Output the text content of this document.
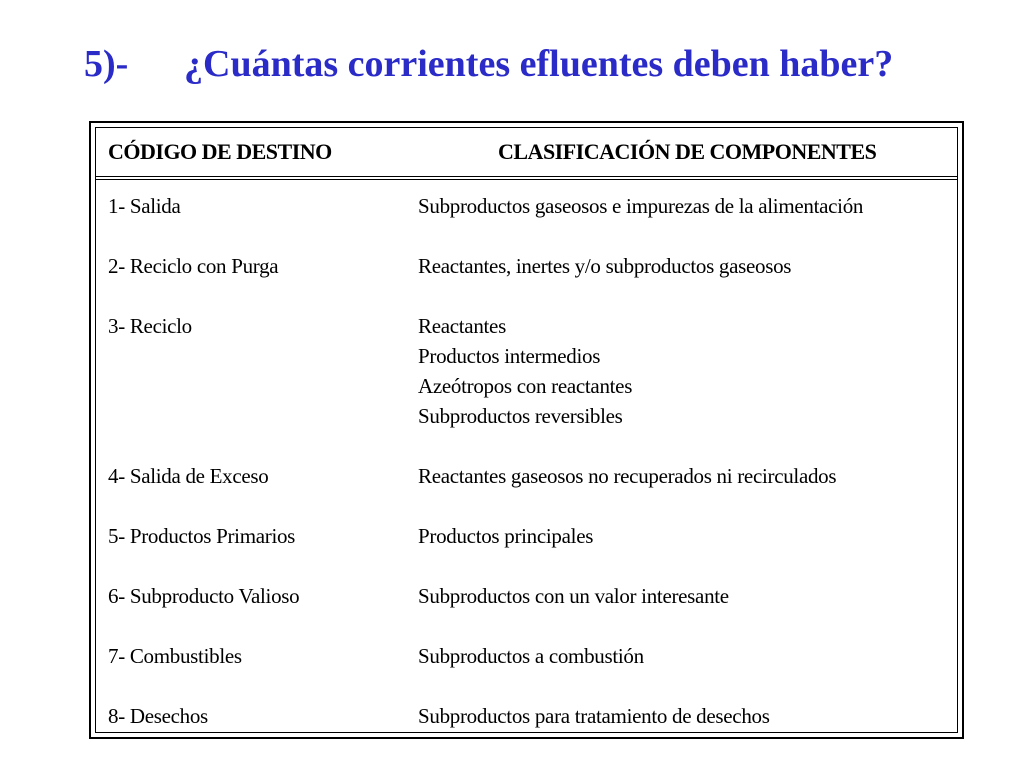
5)- ¿Cuántas corrientes efluentes deben haber?
CÓDIGO DE DESTINO	CLASIFICACIÓN DE COMPONENTES
1- Salida	Subproductos gaseosos e impurezas de la alimentación
2- Reciclo con Purga	Reactantes, inertes y/o subproductos gaseosos
3- Reciclo	Reactantes
Productos intermedios
Azeótropos con reactantes
Subproductos reversibles
4- Salida de Exceso	Reactantes gaseosos no recuperados ni recirculados
5- Productos Primarios	Productos principales
6- Subproducto Valioso	Subproductos con un valor interesante
7- Combustibles	Subproductos a combustión
8- Desechos	Subproductos para tratamiento de desechos
